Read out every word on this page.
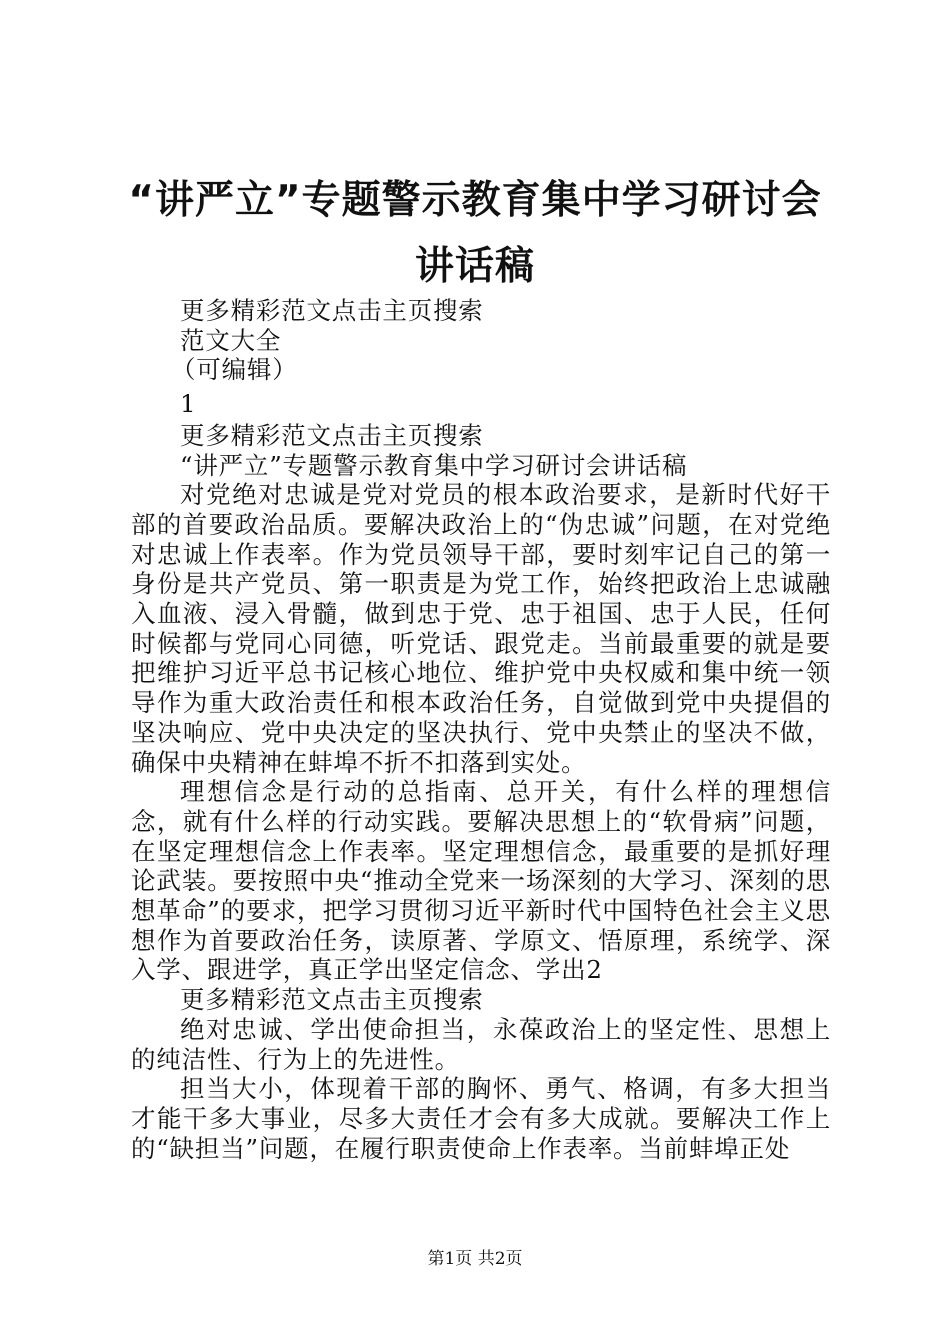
“讲严立”专题警示教育集中学习研讨会讲话稿

更多精彩范文点击主页搜索

范文大全

（可编辑）

1

更多精彩范文点击主页搜索

“讲严立”专题警示教育集中学习研讨会讲话稿

对党绝对忠诚是党对党员的根本政治要求，是新时代好干部的首要政治品质。要解决政治上的“伪忠诚”问题，在对党绝对忠诚上作表率。作为党员领导干部，要时刻牢记自己的第一身份是共产党员、第一职责是为党工作，始终把政治上忠诚融入血液、浸入骨髓，做到忠于党、忠于祖国、忠于人民，任何时候都与党同心同德，听党话、跟党走。当前最重要的就是要把维护习近平总书记核心地位、维护党中央权威和集中统一领导作为重大政治责任和根本政治任务，自觉做到党中央提倡的坚决响应、党中央决定的坚决执行、党中央禁止的坚决不做，确保中央精神在蚌埠不折不扣落到实处。

理想信念是行动的总指南、总开关，有什么样的理想信念，就有什么样的行动实践。要解决思想上的“软骨病”问题，在坚定理想信念上作表率。坚定理想信念，最重要的是抓好理论武装。要按照中央“推动全党来一场深刻的大学习、深刻的思想革命”的要求，把学习贯彻习近平新时代中国特色社会主义思想作为首要政治任务，读原著、学原文、悟原理，系统学、深入学、跟进学，真正学出坚定信念、学出2

更多精彩范文点击主页搜索

绝对忠诚、学出使命担当，永葆政治上的坚定性、思想上的纯洁性、行为上的先进性。

担当大小，体现着干部的胸怀、勇气、格调，有多大担当才能干多大事业，尽多大责任才会有多大成就。要解决工作上的“缺担当”问题，在履行职责使命上作表率。当前蚌埠正处

第1页 共2页
